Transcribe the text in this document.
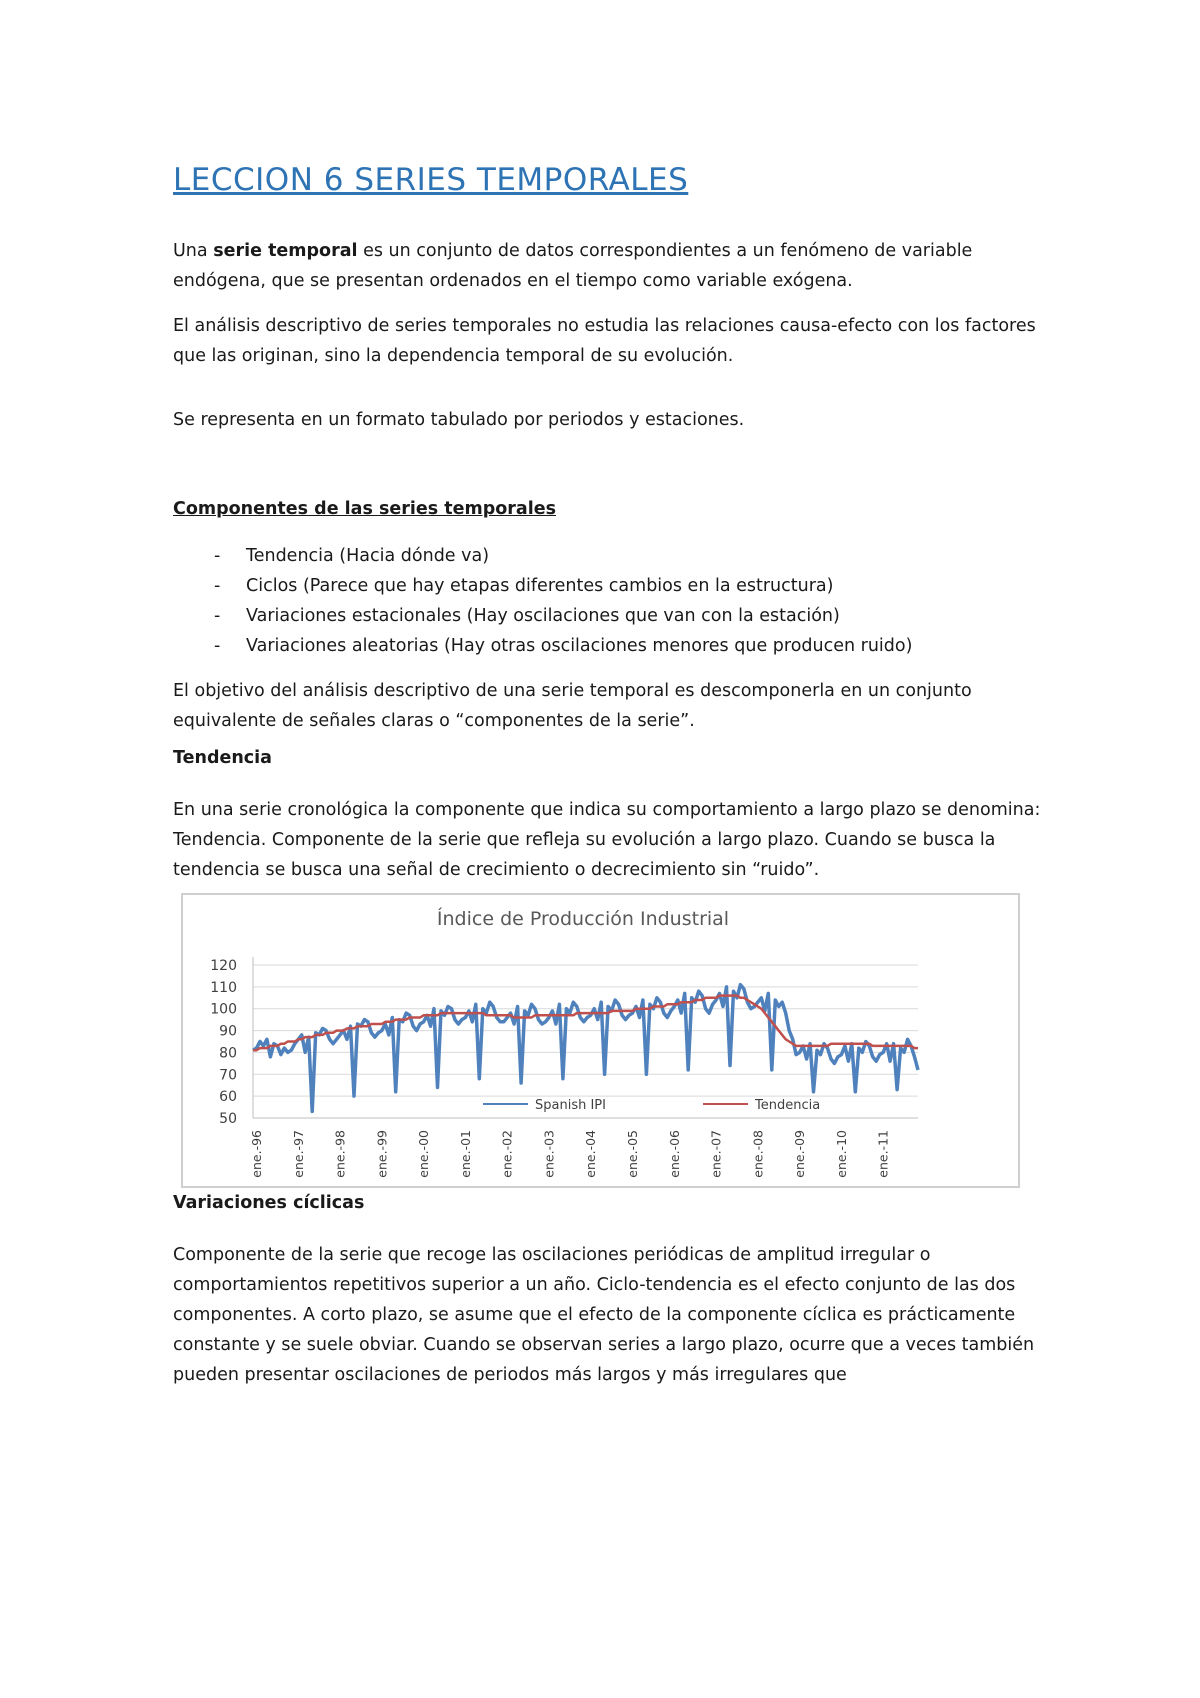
LECCION 6 SERIES TEMPORALES

Una serie temporal es un conjunto de datos correspondientes a un fenómeno de variable endógena, que se presentan ordenados en el tiempo como variable exógena.

El análisis descriptivo de series temporales no estudia las relaciones causa-efecto con los factores que las originan, sino la dependencia temporal de su evolución.

Se representa en un formato tabulado por periodos y estaciones.

Componentes de las series temporales

- Tendencia (Hacia dónde va)
- Ciclos (Parece que hay etapas diferentes cambios en la estructura)
- Variaciones estacionales (Hay oscilaciones que van con la estación)
- Variaciones aleatorias (Hay otras oscilaciones menores que producen ruido)

El objetivo del análisis descriptivo de una serie temporal es descomponerla en un conjunto equivalente de señales claras o “componentes de la serie”.

Tendencia

En una serie cronológica la componente que indica su comportamiento a largo plazo se denomina: Tendencia. Componente de la serie que refleja su evolución a largo plazo. Cuando se busca la tendencia se busca una señal de crecimiento o decrecimiento sin “ruido”.

Variaciones cíclicas

Componente de la serie que recoge las oscilaciones periódicas de amplitud irregular o comportamientos repetitivos superior a un año. Ciclo-tendencia es el efecto conjunto de las dos componentes. A corto plazo, se asume que el efecto de la componente cíclica es prácticamente constante y se suele obviar. Cuando se observan series a largo plazo, ocurre que a veces también pueden presentar oscilaciones de periodos más largos y más irregulares que

Índice de Producción Industrial
50
60
70
80
90
100
110
120
ene.-96 ene.-97 ene.-98 ene.-99 ene.-00 ene.-01 ene.-02 ene.-03 ene.-04 ene.-05 ene.-06 ene.-07 ene.-08 ene.-09 ene.-10 ene.-11
Spanish IPI	Tendencia
